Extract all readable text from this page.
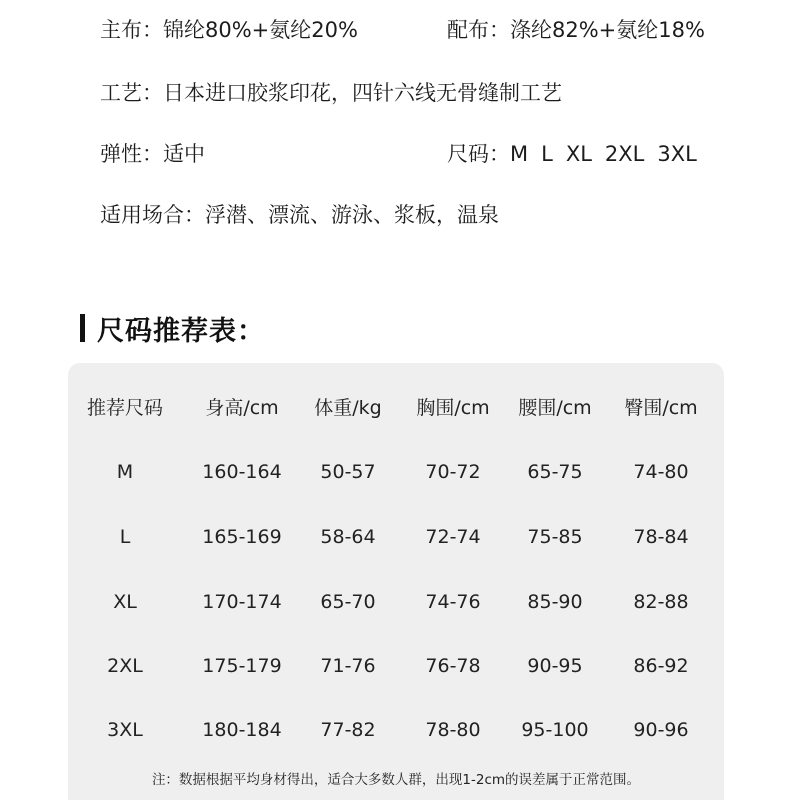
主布：锦纶80%+氨纶20%	配布：涤纶82%+氨纶18%
工艺：日本进口胶浆印花，四针六线无骨缝制工艺
弹性：适中	尺码：M L XL 2XL 3XL
适用场合：浮潜、漂流、游泳、浆板，温泉
尺码推荐表：
注：数据根据平均身材得出，适合大多数人群，出现1-2cm的误差属于正常范围。
推荐尺码 身高/cm 体重/kg 胸围/cm 腰围/cm 臀围/cm
M	160-164 50-57	70-72 65-75	74-80
L	165-169 58-64	72-74 75-85	78-84
XL	170-174 65-70	74-76 85-90	82-88
2XL	175-179 71-76	76-78 90-95	86-92
3XL	180-184 77-82	78-80 95-100 90-96
